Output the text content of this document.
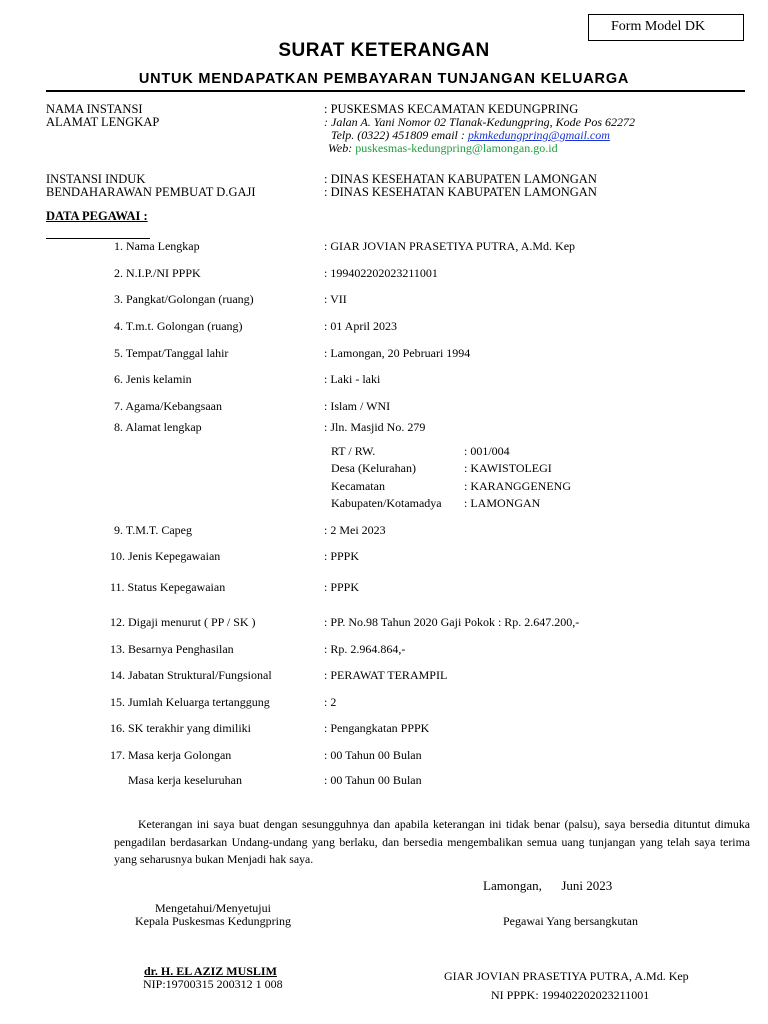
Form Model DK
SURAT KETERANGAN
UNTUK MENDAPATKAN PEMBAYARAN TUNJANGAN KELUARGA
NAMA INSTANSI	: PUSKESMAS KECAMATAN KEDUNGPRING
ALAMAT LENGKAP	: Jalan A. Yani Nomor 02 Tlanak-Kedungpring, Kode Pos 62272
Telp. (0322) 451809 email : pkmkedungpring@gmail.com
Web: puskesmas-kedungpring@lamongan.go.id
INSTANSI INDUK	: DINAS KESEHATAN KABUPATEN LAMONGAN
BENDAHARAWAN PEMBUAT D.GAJI	: DINAS KESEHATAN KABUPATEN LAMONGAN
DATA PEGAWAI :
1. Nama Lengkap	: GIAR JOVIAN PRASETIYA PUTRA, A.Md. Kep
2. N.I.P./NI PPPK	: 199402202023211001
3. Pangkat/Golongan (ruang)	: VII
4. T.m.t. Golongan (ruang)	: 01 April 2023
5. Tempat/Tanggal lahir	: Lamongan, 20 Pebruari 1994
6. Jenis kelamin	: Laki - laki
7. Agama/Kebangsaan	: Islam / WNI
8. Alamat lengkap	: Jln. Masjid No. 279
RT / RW.	: 001/004
Desa (Kelurahan)	: KAWISTOLEGI
Kecamatan	: KARANGGENENG
Kabupaten/Kotamadya : LAMONGAN
9. T.M.T. Capeg	: 2 Mei 2023
10. Jenis Kepegawaian	: PPPK
11. Status Kepegawaian	: PPPK
12. Digaji menurut ( PP / SK )	: PP. No.98 Tahun 2020 Gaji Pokok : Rp. 2.647.200,-
13. Besarnya Penghasilan	: Rp. 2.964.864,-
14. Jabatan Struktural/Fungsional	: PERAWAT TERAMPIL
15. Jumlah Keluarga tertanggung	: 2
16. SK terakhir yang dimiliki	: Pengangkatan PPPK
17. Masa kerja Golongan	: 00 Tahun 00 Bulan
Masa kerja keseluruhan	: 00 Tahun 00 Bulan

Keterangan ini saya buat dengan sesungguhnya dan apabila keterangan ini tidak benar (palsu), saya bersedia dituntut dimuka pengadilan berdasarkan Undang-undang yang berlaku, dan bersedia mengembalikan semua uang tunjangan yang telah saya terima yang seharusnya bukan Menjadi hak saya.

Lamongan,      Juni 2023
Mengetahui/Menyetujui
Kepala Puskesmas Kedungpring	Pegawai Yang bersangkutan
dr. H. EL AZIZ MUSLIM
NIP:19700315 200312 1 008
GIAR JOVIAN PRASETIYA PUTRA, A.Md. Kep
NI PPPK: 199402202023211001
